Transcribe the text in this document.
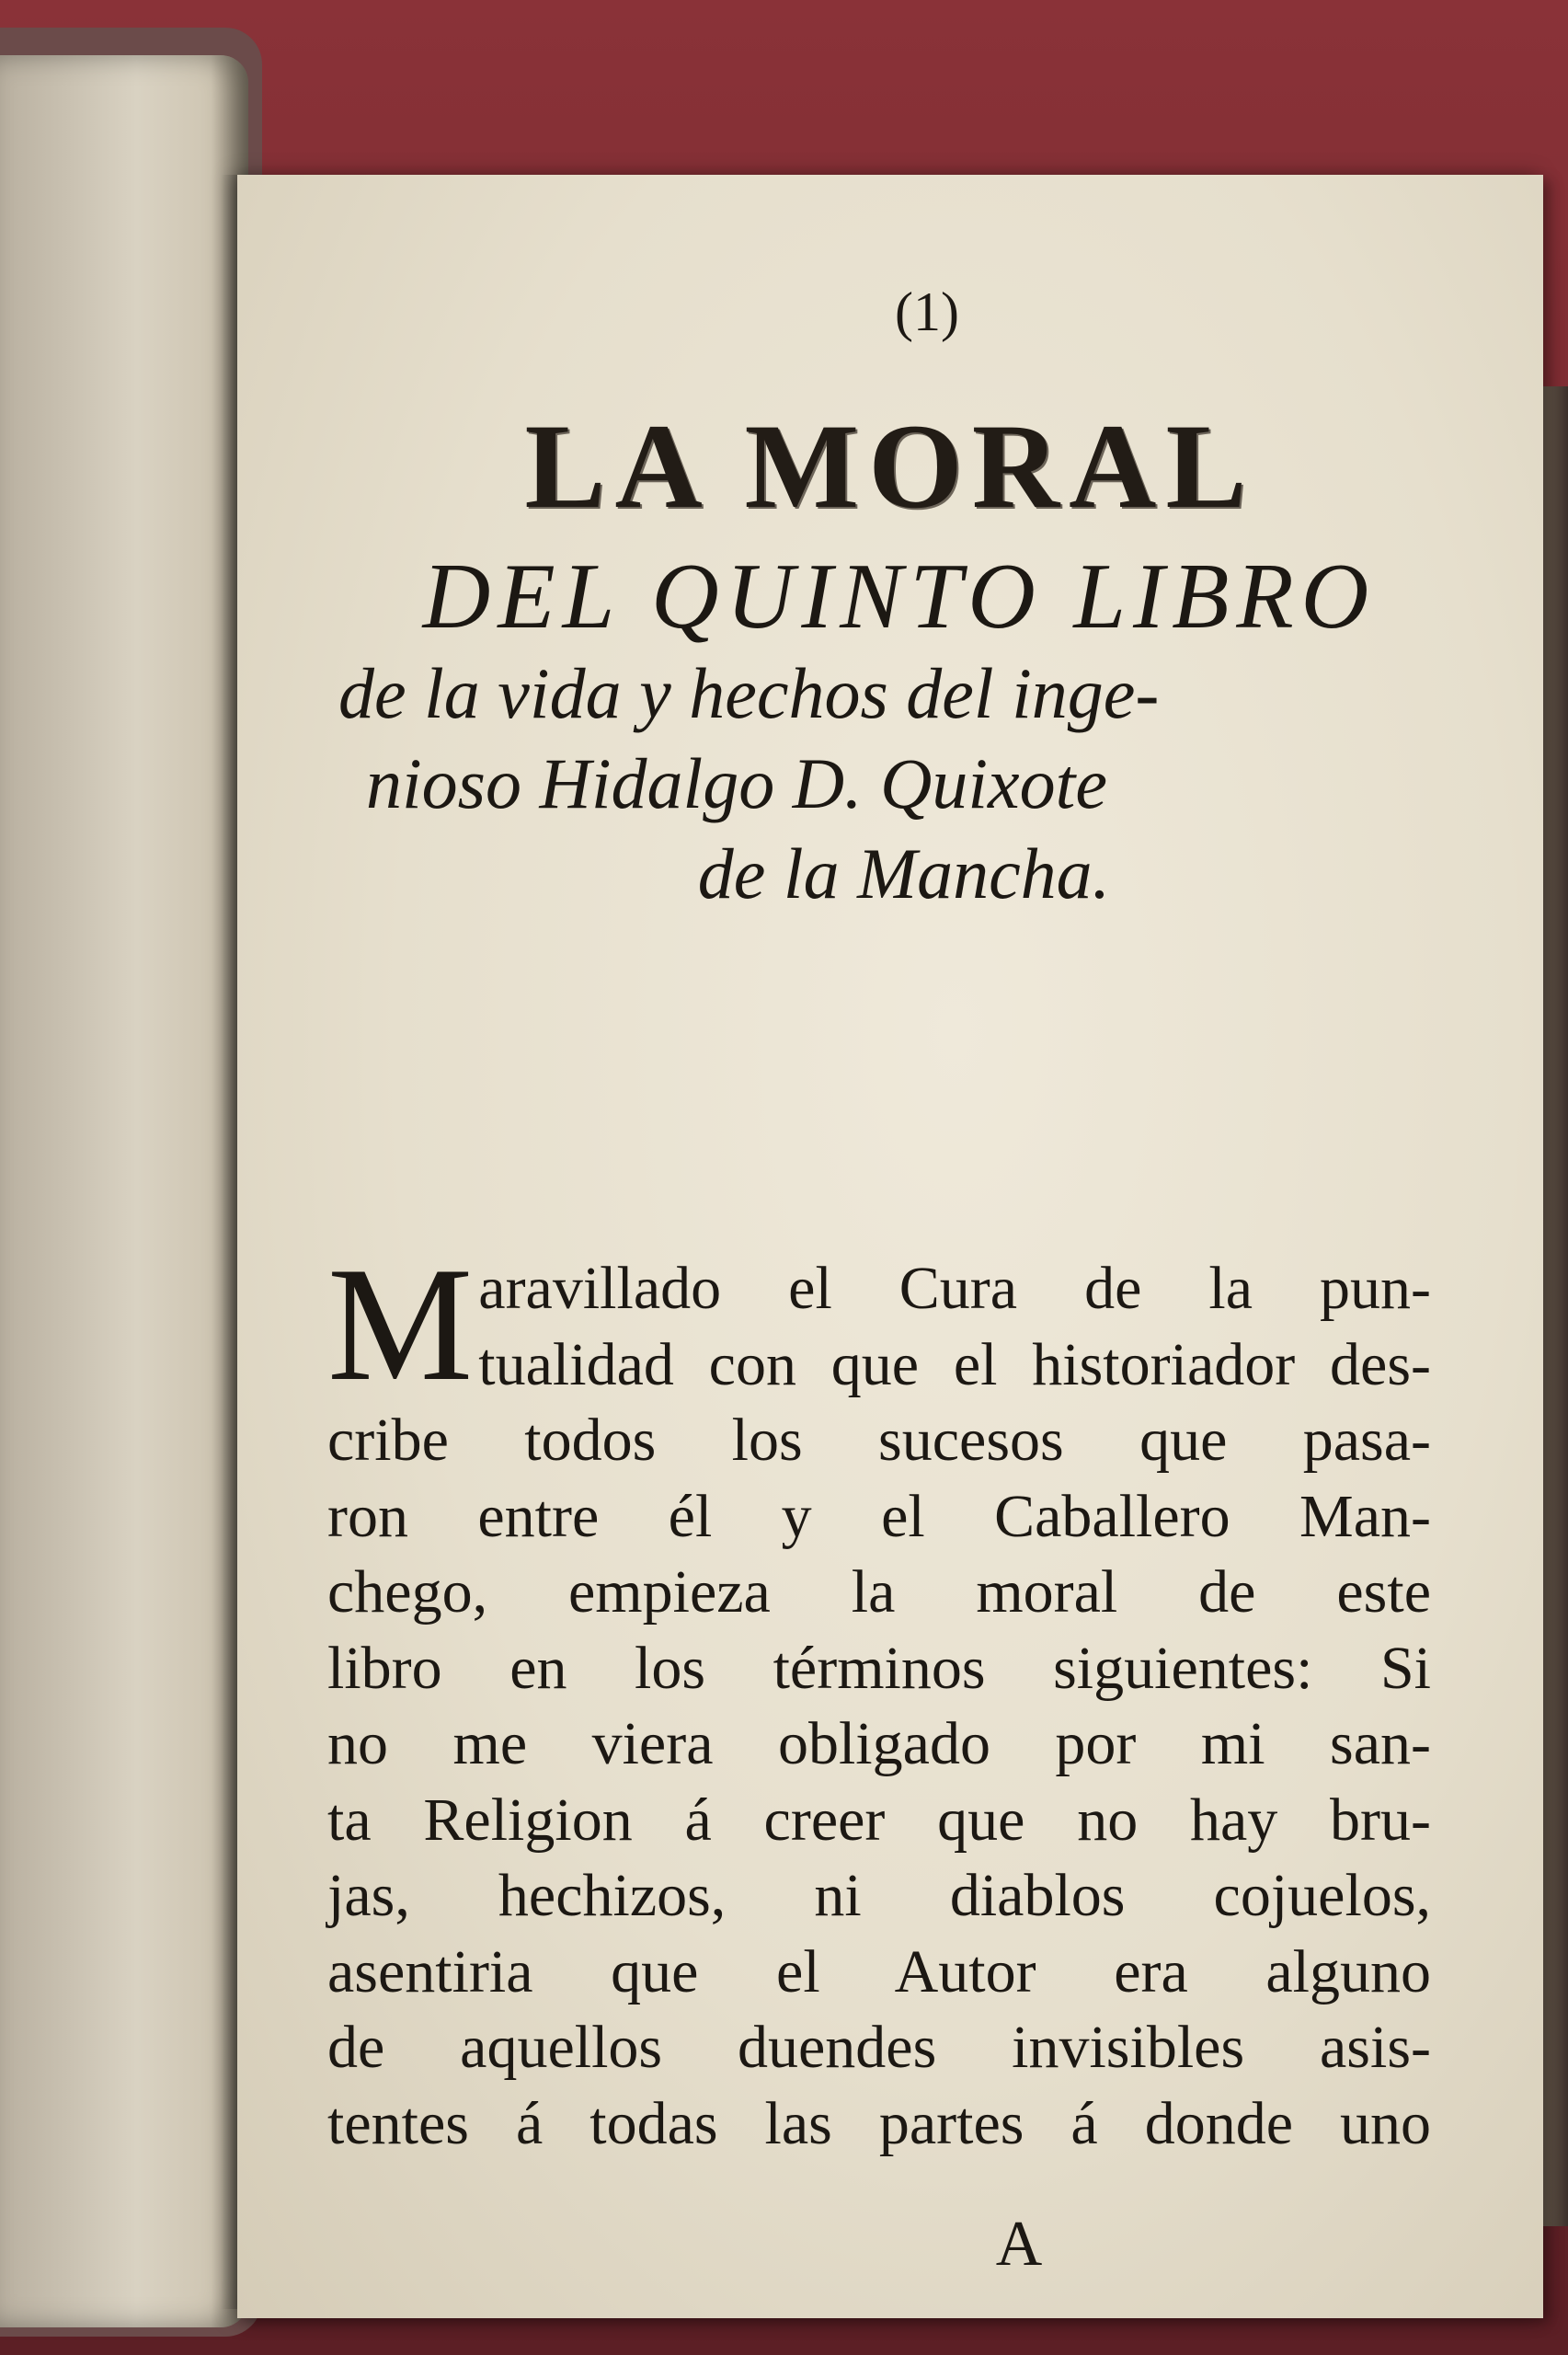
(1)
LA MORAL
DEL QUINTO LIBRO
de la vida y hechos del inge-
nioso Hidalgo D. Quixote
de la Mancha.
M aravillado el Cura de la pun-
tualidad con que el historiador des-
cribe todos los sucesos que pasa-
ron entre él y el Caballero Man-
chego, empieza la moral de este
libro en los términos siguientes: Si
no me viera obligado por mi san-
ta Religion á creer que no hay bru-
jas, hechizos, ni diablos cojuelos,
asentiria que el Autor era alguno
de aquellos duendes invisibles asis-
tentes á todas las partes á donde uno
A
